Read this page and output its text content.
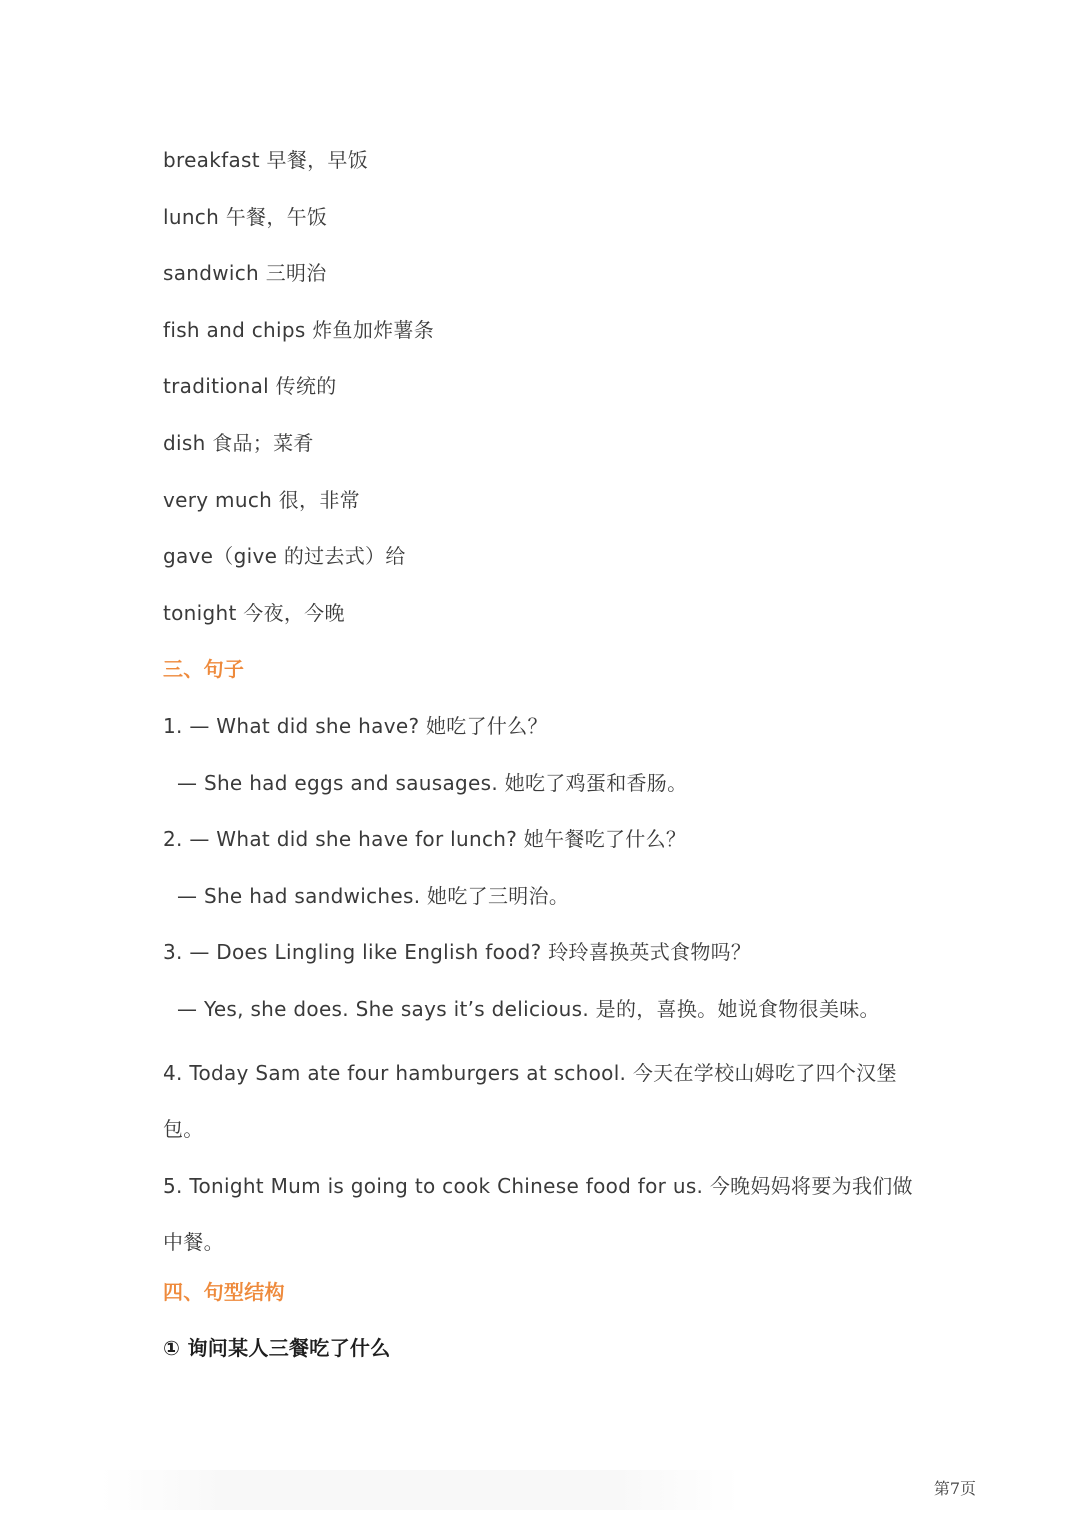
breakfast 早餐，早饭
lunch 午餐，午饭
sandwich 三明治
fish and chips 炸鱼加炸薯条
traditional 传统的
dish 食品；菜肴
very much 很，非常
gave（give 的过去式）给
tonight 今夜，今晚
三、句子
1. — What did she have? 她吃了什么？
— She had eggs and sausages. 她吃了鸡蛋和香肠。
2. — What did she have for lunch? 她午餐吃了什么？
— She had sandwiches. 她吃了三明治。
3. — Does Lingling like English food? 玲玲喜换英式食物吗？
— Yes, she does. She says it’s delicious. 是的，喜换。她说食物很美味。
4. Today Sam ate four hamburgers at school. 今天在学校山姆吃了四个汉堡包。
5. Tonight Mum is going to cook Chinese food for us. 今晚妈妈将要为我们做中餐。
四、句型结构
① 询问某人三餐吃了什么
第7页
